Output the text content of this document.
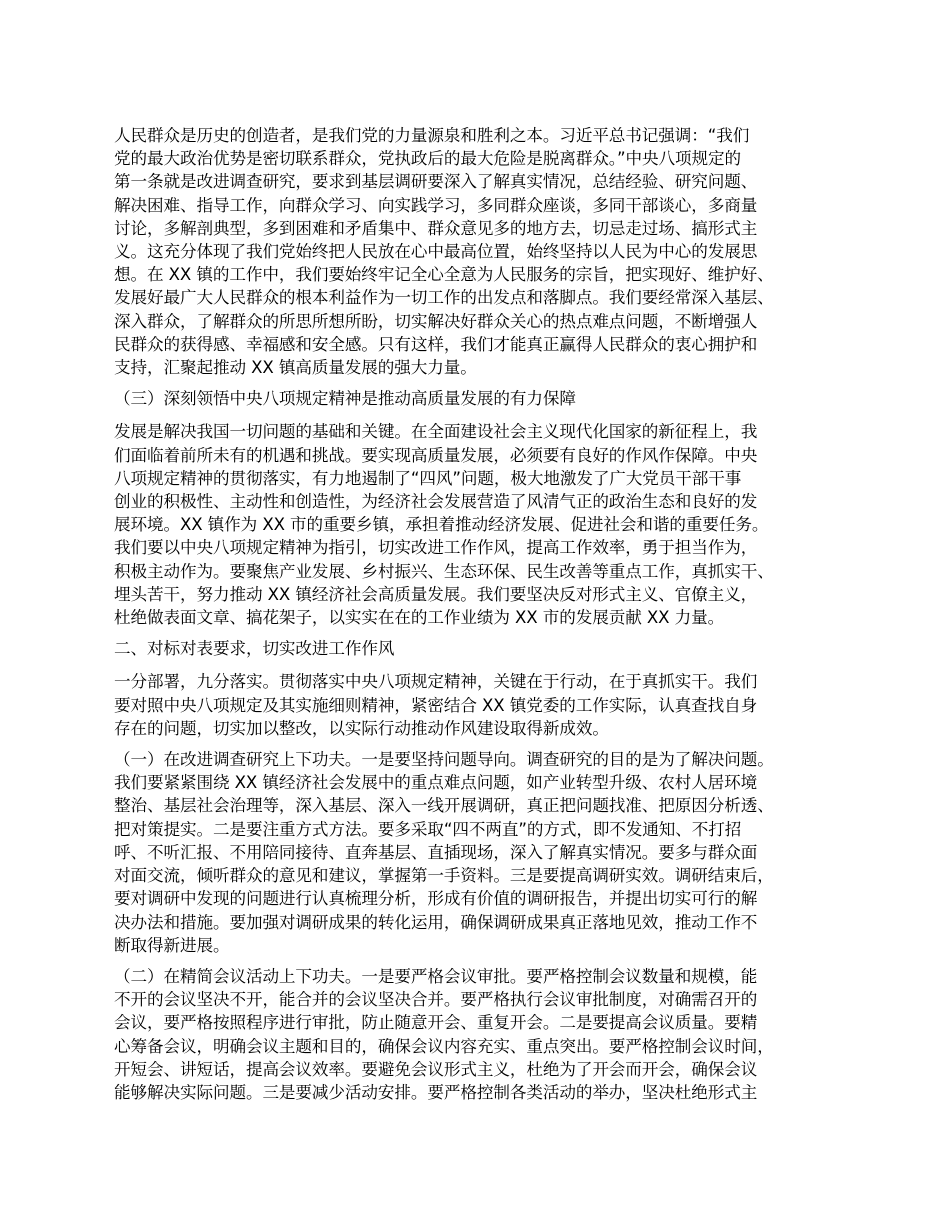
人民群众是历史的创造者，是我们党的力量源泉和胜利之本。习近平总书记强调：“我们
党的最大政治优势是密切联系群众，党执政后的最大危险是脱离群众。”中央八项规定的
第一条就是改进调查研究，要求到基层调研要深入了解真实情况，总结经验、研究问题、
解决困难、指导工作，向群众学习、向实践学习，多同群众座谈，多同干部谈心，多商量
讨论，多解剖典型，多到困难和矛盾集中、群众意见多的地方去，切忌走过场、搞形式主
义。这充分体现了我们党始终把人民放在心中最高位置，始终坚持以人民为中心的发展思
想。在 XX 镇的工作中，我们要始终牢记全心全意为人民服务的宗旨，把实现好、维护好、
发展好最广大人民群众的根本利益作为一切工作的出发点和落脚点。我们要经常深入基层、
深入群众，了解群众的所思所想所盼，切实解决好群众关心的热点难点问题，不断增强人
民群众的获得感、幸福感和安全感。只有这样，我们才能真正赢得人民群众的衷心拥护和
支持，汇聚起推动 XX 镇高质量发展的强大力量。
（三）深刻领悟中央八项规定精神是推动高质量发展的有力保障
发展是解决我国一切问题的基础和关键。在全面建设社会主义现代化国家的新征程上，我
们面临着前所未有的机遇和挑战。要实现高质量发展，必须要有良好的作风作保障。中央
八项规定精神的贯彻落实，有力地遏制了“四风”问题，极大地激发了广大党员干部干事
创业的积极性、主动性和创造性，为经济社会发展营造了风清气正的政治生态和良好的发
展环境。XX 镇作为 XX 市的重要乡镇，承担着推动经济发展、促进社会和谐的重要任务。
我们要以中央八项规定精神为指引，切实改进工作作风，提高工作效率，勇于担当作为，
积极主动作为。要聚焦产业发展、乡村振兴、生态环保、民生改善等重点工作，真抓实干、
埋头苦干，努力推动 XX 镇经济社会高质量发展。我们要坚决反对形式主义、官僚主义，
杜绝做表面文章、搞花架子，以实实在在的工作业绩为 XX 市的发展贡献 XX 力量。
二、对标对表要求，切实改进工作作风
一分部署，九分落实。贯彻落实中央八项规定精神，关键在于行动，在于真抓实干。我们
要对照中央八项规定及其实施细则精神，紧密结合 XX 镇党委的工作实际，认真查找自身
存在的问题，切实加以整改，以实际行动推动作风建设取得新成效。
（一）在改进调查研究上下功夫。一是要坚持问题导向。调查研究的目的是为了解决问题。
我们要紧紧围绕 XX 镇经济社会发展中的重点难点问题，如产业转型升级、农村人居环境
整治、基层社会治理等，深入基层、深入一线开展调研，真正把问题找准、把原因分析透、
把对策提实。二是要注重方式方法。要多采取“四不两直”的方式，即不发通知、不打招
呼、不听汇报、不用陪同接待、直奔基层、直插现场，深入了解真实情况。要多与群众面
对面交流，倾听群众的意见和建议，掌握第一手资料。三是要提高调研实效。调研结束后，
要对调研中发现的问题进行认真梳理分析，形成有价值的调研报告，并提出切实可行的解
决办法和措施。要加强对调研成果的转化运用，确保调研成果真正落地见效，推动工作不
断取得新进展。
（二）在精简会议活动上下功夫。一是要严格会议审批。要严格控制会议数量和规模，能
不开的会议坚决不开，能合并的会议坚决合并。要严格执行会议审批制度，对确需召开的
会议，要严格按照程序进行审批，防止随意开会、重复开会。二是要提高会议质量。要精
心筹备会议，明确会议主题和目的，确保会议内容充实、重点突出。要严格控制会议时间，
开短会、讲短话，提高会议效率。要避免会议形式主义，杜绝为了开会而开会，确保会议
能够解决实际问题。三是要减少活动安排。要严格控制各类活动的举办，坚决杜绝形式主
